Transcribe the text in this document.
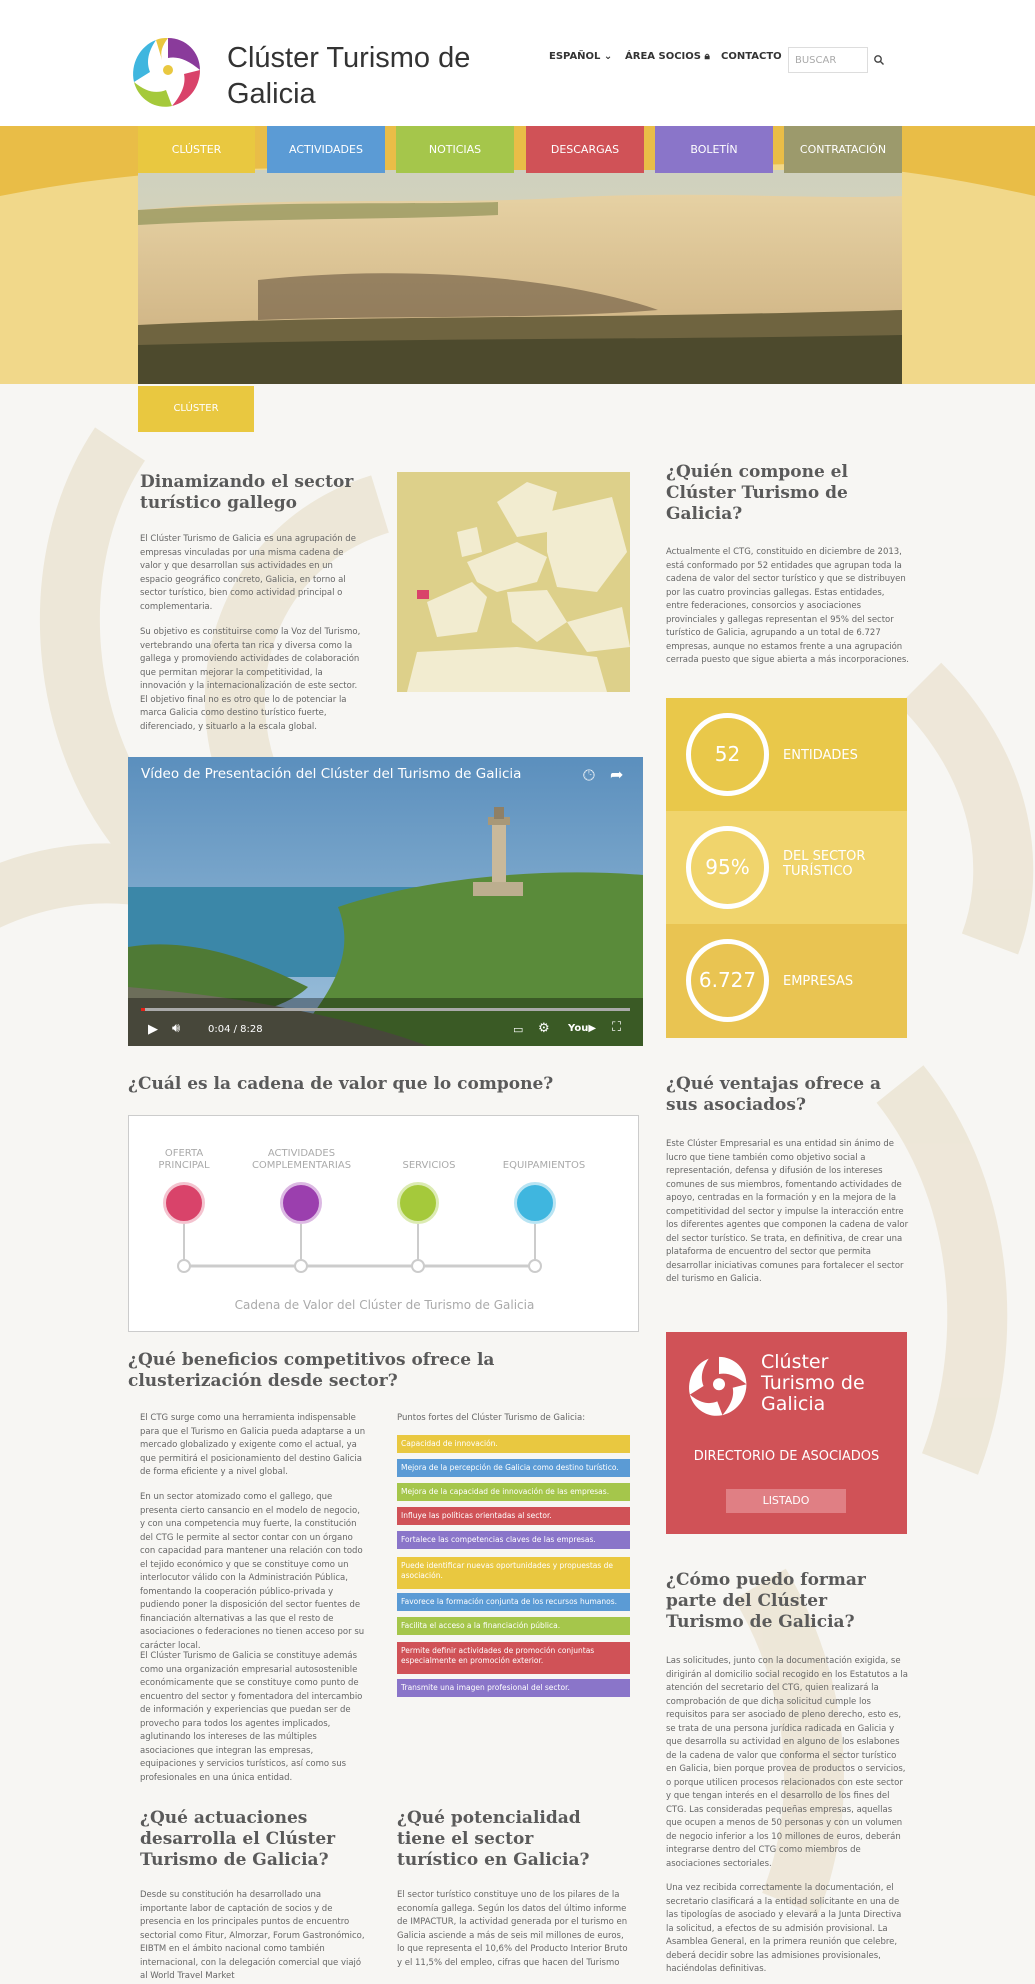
Clúster Turismo de Galicia
ESPAÑOL ⌄ ÁREA SOCIOS 🔒︎ CONTACTO	BUSCAR
CLÚSTER	ACTIVIDADES	NOTICIAS	DESCARGAS	BOLETÍN	CONTRATACIÓN
CLÚSTER
Dinamizando el sector turístico gallego

El Clúster Turismo de Galicia es una agrupación de empresas vinculadas por una misma cadena de valor y que desarrollan sus actividades en un espacio geográfico concreto, Galicia, en torno al sector turístico, bien como actividad principal o complementaria.

Su objetivo es constituirse como la Voz del Turismo, vertebrando una oferta tan rica y diversa como la gallega y promoviendo actividades de colaboración que permitan mejorar la competitividad, la innovación y la internacionalización de este sector. El objetivo final no es otro que lo de potenciar la marca Galicia como destino turístico fuerte, diferenciado, y situarlo a la escala global.

¿Quién compone el Clúster Turismo de Galicia?

Actualmente el CTG, constituido en diciembre de 2013, está conformado por 52 entidades que agrupan toda la cadena de valor del sector turístico y que se distribuyen por las cuatro provincias gallegas. Estas entidades, entre federaciones, consorcios y asociaciones provinciales y gallegas representan el 95% del sector turístico de Galicia, agrupando a un total de 6.727 empresas, aunque no estamos frente a una agrupación cerrada puesto que sigue abierta a más incorporaciones.

Vídeo de Presentación del Clúster del Turismo de Galicia	🕒︎ ➦
▶ 🔊︎	0:04 / 8:28	▭ ⚙ You▶ ⛶
52	ENTIDADES
95%	DEL SECTOR TURÍSTICO
6.727	EMPRESAS
¿Cuál es la cadena de valor que lo compone?
OFERTA PRINCIPAL
ACTIVIDADES COMPLEMENTARIAS	SERVICIOS	EQUIPAMIENTOS
Cadena de Valor del Clúster de Turismo de Galicia
¿Qué ventajas ofrece a sus asociados?

Este Clúster Empresarial es una entidad sin ánimo de lucro que tiene también como objetivo social a representación, defensa y difusión de los intereses comunes de sus miembros, fomentando actividades de apoyo, centradas en la formación y en la mejora de la competitividad del sector y impulse la interacción entre los diferentes agentes que componen la cadena de valor del sector turístico. Se trata, en definitiva, de crear una plataforma de encuentro del sector que permita desarrollar iniciativas comunes para fortalecer el sector del turismo en Galicia.

¿Qué beneficios competitivos ofrece la clusterización desde sector?

El CTG surge como una herramienta indispensable para que el Turismo en Galicia pueda adaptarse a un mercado globalizado y exigente como el actual, ya que permitirá el posicionamiento del destino Galicia de forma eficiente y a nivel global.

En un sector atomizado como el gallego, que presenta cierto cansancio en el modelo de negocio, y con una competencia muy fuerte, la constitución del CTG le permite al sector contar con un órgano con capacidad para mantener una relación con todo el tejido económico y que se constituye como un interlocutor válido con la Administración Pública, fomentando la cooperación público-privada y pudiendo poner la disposición del sector fuentes de financiación alternativas a las que el resto de asociaciones o federaciones no tienen acceso por su carácter local.

El Clúster Turismo de Galicia se constituye además como una organización empresarial autosostenible económicamente que se constituye como punto de encuentro del sector y fomentadora del intercambio de información y experiencias que puedan ser de provecho para todos los agentes implicados, aglutinando los intereses de las múltiples asociaciones que integran las empresas, equipaciones y servicios turísticos, así como sus profesionales en una única entidad.

Puntos fortes del Clúster Turismo de Galicia:

Capacidad de innovación.
Mejora de la percepción de Galicia como destino turístico.
Mejora de la capacidad de innovación de las empresas.
Influye las políticas orientadas al sector.
Fortalece las competencias claves de las empresas.
Puede identificar nuevas oportunidades y propuestas de asociación.
Favorece la formación conjunta de los recursos humanos.
Facilita el acceso a la financiación pública.
Permite definir actividades de promoción conjuntas especialmente en promoción exterior.
Transmite una imagen profesional del sector.
Clúster Turismo de Galicia
DIRECTORIO DE ASOCIADOS
LISTADO
¿Cómo puedo formar parte del Clúster Turismo de Galicia?

Las solicitudes, junto con la documentación exigida, se dirigirán al domicilio social recogido en los Estatutos a la atención del secretario del CTG, quien realizará la comprobación de que dicha solicitud cumple los requisitos para ser asociado de pleno derecho, esto es, se trata de una persona jurídica radicada en Galicia y que desarrolla su actividad en alguno de los eslabones de la cadena de valor que conforma el sector turístico en Galicia, bien porque provea de productos o servicios, o porque utilicen procesos relacionados con este sector y que tengan interés en el desarrollo de los fines del CTG. Las consideradas pequeñas empresas, aquellas que ocupen a menos de 50 personas y con un volumen de negocio inferior a los 10 millones de euros, deberán integrarse dentro del CTG como miembros de asociaciones sectoriales.

Una vez recibida correctamente la documentación, el secretario clasificará a la entidad solicitante en una de las tipologías de asociado y elevará a la Junta Directiva la solicitud, a efectos de su admisión provisional. La Asamblea General, en la primera reunión que celebre, deberá decidir sobre las admisiones provisionales, haciéndolas definitivas.

¿Qué actuaciones desarrolla el Clúster Turismo de Galicia?

Desde su constitución ha desarrollado una importante labor de captación de socios y de presencia en los principales puntos de encuentro sectorial como Fitur, Almorzar, Forum Gastronómico, EIBTM en el ámbito nacional como también internacional, con la delegación comercial que viajó al World Travel Market

¿Qué potencialidad tiene el sector turístico en Galicia?

El sector turístico constituye uno de los pilares de la economía gallega. Según los datos del último informe de IMPACTUR, la actividad generada por el turismo en Galicia asciende a más de seis mil millones de euros, lo que representa el 10,6% del Producto Interior Bruto y el 11,5% del empleo, cifras que hacen del Turismo
